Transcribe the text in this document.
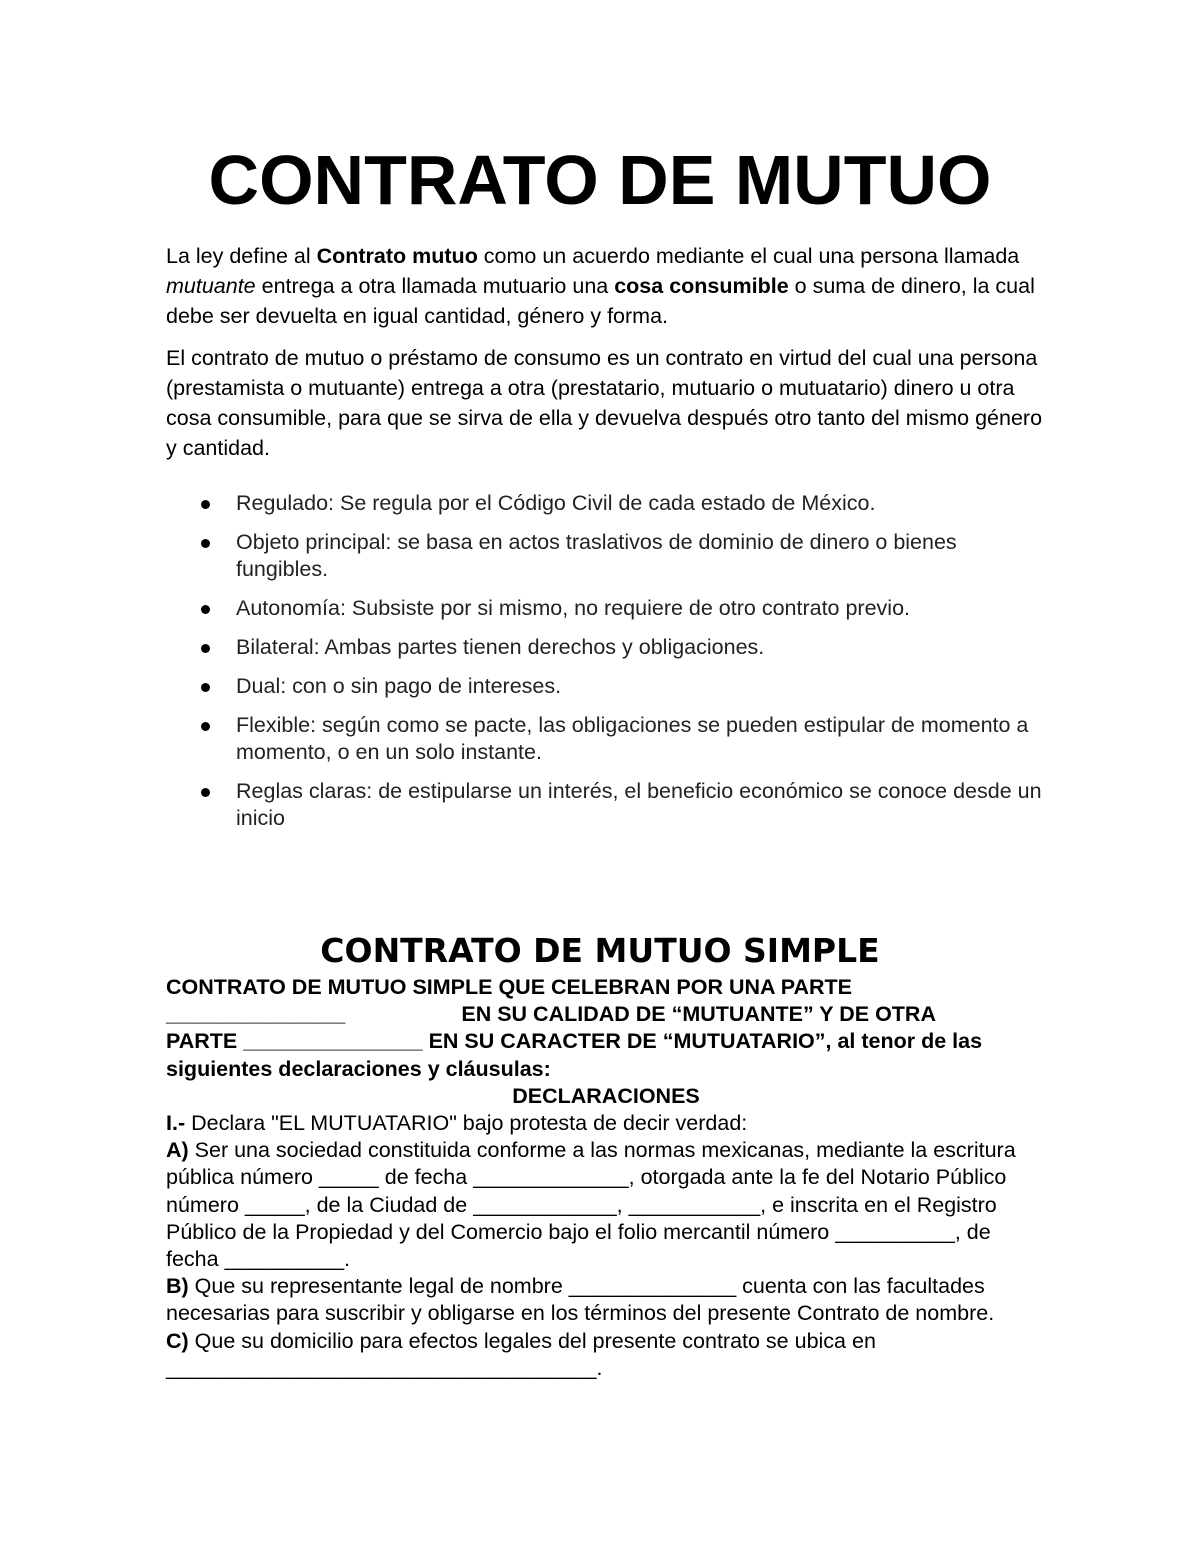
CONTRATO DE MUTUO

La ley define al Contrato mutuo como un acuerdo mediante el cual una persona llamada mutuante entrega a otra llamada mutuario una cosa consumible o suma de dinero, la cual debe ser devuelta en igual cantidad, género y forma.

El contrato de mutuo o préstamo de consumo es un contrato en virtud del cual una persona (prestamista o mutuante) entrega a otra (prestatario, mutuario o mutuatario) dinero u otra cosa consumible, para que se sirva de ella y devuelva después otro tanto del mismo género y cantidad.

Regulado: Se regula por el Código Civil de cada estado de México.
Objeto principal: se basa en actos traslativos de dominio de dinero o bienes fungibles.
Autonomía: Subsiste por si mismo, no requiere de otro contrato previo.
Bilateral: Ambas partes tienen derechos y obligaciones.
Dual: con o sin pago de intereses.
Flexible: según como se pacte, las obligaciones se pueden estipular de momento a momento, o en un solo instante.
Reglas claras: de estipularse un interés, el beneficio económico se conoce desde un inicio
CONTRATO DE MUTUO SIMPLE

CONTRATO DE MUTUO SIMPLE QUE CELEBRAN POR UNA PARTE
_______________	EN SU CALIDAD DE “MUTUANTE” Y DE OTRA
PARTE _______________ EN SU CARACTER DE “MUTUATARIO”, al tenor de las siguientes declaraciones y cláusulas:

DECLARACIONES

I.- Declara "EL MUTUATARIO" bajo protesta de decir verdad:

A) Ser una sociedad constituida conforme a las normas mexicanas, mediante la escritura pública número _____ de fecha _____________, otorgada ante la fe del Notario Público número _____, de la Ciudad de ____________, ___________, e inscrita en el Registro Público de la Propiedad y del Comercio bajo el folio mercantil número __________, de fecha __________.

B) Que su representante legal de nombre ______________ cuenta con las facultades necesarias para suscribir y obligarse en los términos del presente Contrato de nombre.

C) Que su domicilio para efectos legales del presente contrato se ubica en ____________________________________.
